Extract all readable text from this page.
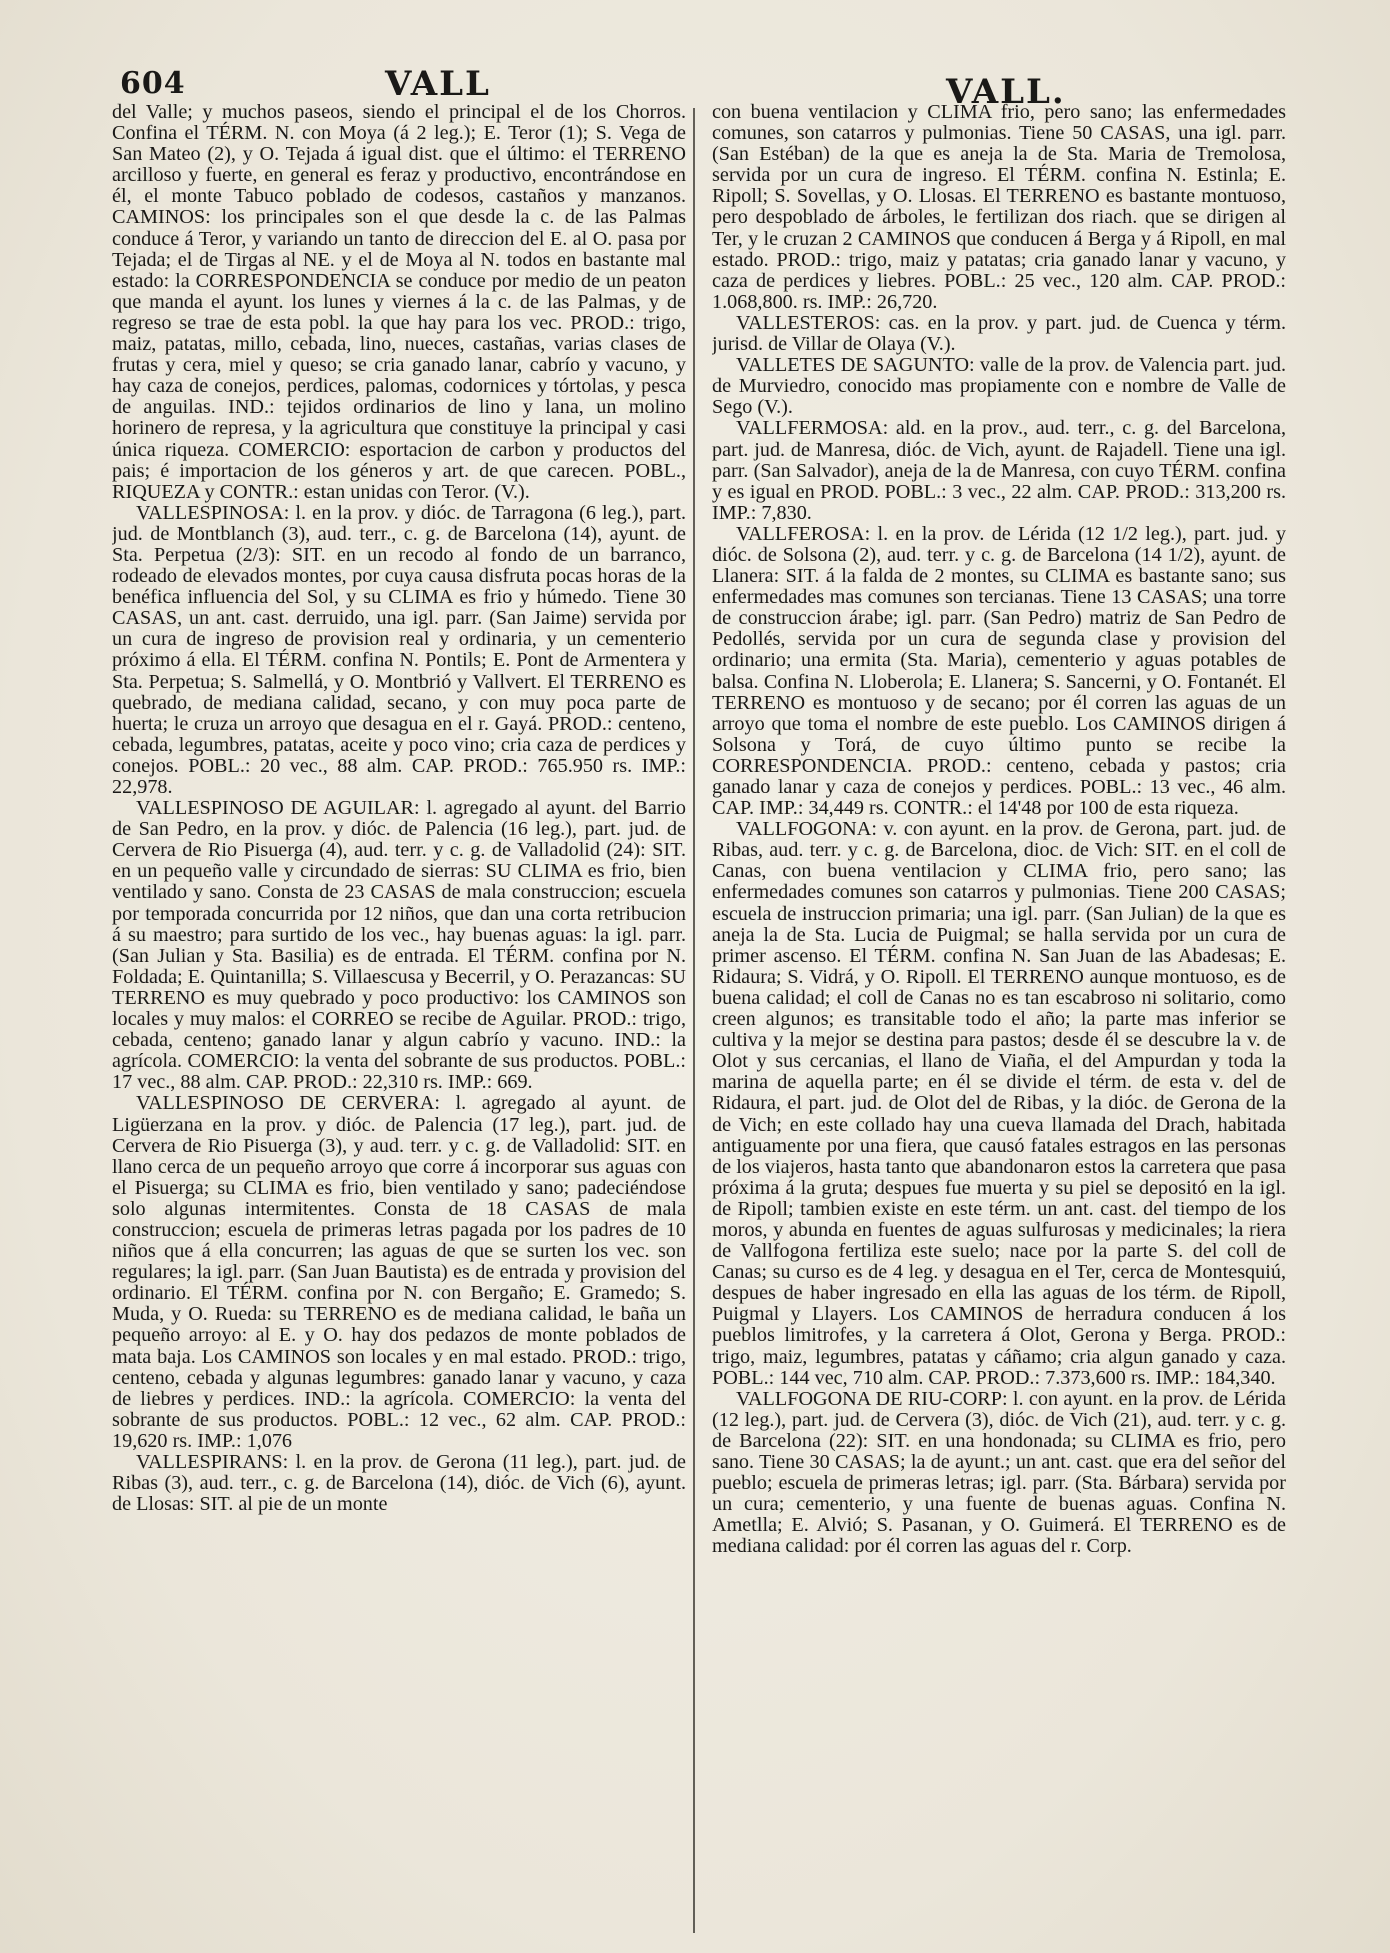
604	VALL	VALL.

del Valle; y muchos paseos, siendo el principal el de los Chorros. Confina el TÉRM. N. con Moya (á 2 leg.); E. Teror (1); S. Vega de San Mateo (2), y O. Tejada á igual dist. que el último: el TERRENO arcilloso y fuerte, en general es feraz y productivo, encontrándose en él, el monte Tabuco poblado de codesos, castaños y manzanos. CAMINOS: los principales son el que desde la c. de las Palmas conduce á Teror, y variando un tanto de direccion del E. al O. pasa por Tejada; el de Tirgas al NE. y el de Moya al N. todos en bastante mal estado: la CORRESPONDENCIA se conduce por medio de un peaton que manda el ayunt. los lunes y viernes á la c. de las Palmas, y de regreso se trae de esta pobl. la que hay para los vec. PROD.: trigo, maiz, patatas, millo, cebada, lino, nueces, castañas, varias clases de frutas y cera, miel y queso; se cria ganado lanar, cabrío y vacuno, y hay caza de conejos, perdices, palomas, codornices y tórtolas, y pesca de anguilas. IND.: tejidos ordinarios de lino y lana, un molino horinero de represa, y la agricultura que constituye la principal y casi única riqueza. COMERCIO: esportacion de carbon y productos del pais; é importacion de los géneros y art. de que carecen. POBL., RIQUEZA y CONTR.: estan unidas con Teror. (V.).

VALLESPINOSA: l. en la prov. y dióc. de Tarragona (6 leg.), part. jud. de Montblanch (3), aud. terr., c. g. de Barcelona (14), ayunt. de Sta. Perpetua (2/3): SIT. en un recodo al fondo de un barranco, rodeado de elevados montes, por cuya causa disfruta pocas horas de la benéfica influencia del Sol, y su CLIMA es frio y húmedo. Tiene 30 CASAS, un ant. cast. derruido, una igl. parr. (San Jaime) servida por un cura de ingreso de provision real y ordinaria, y un cementerio próximo á ella. El TÉRM. confina N. Pontils; E. Pont de Armentera y Sta. Perpetua; S. Salmellá, y O. Montbrió y Vallvert. El TERRENO es quebrado, de mediana calidad, secano, y con muy poca parte de huerta; le cruza un arroyo que desagua en el r. Gayá. PROD.: centeno, cebada, legumbres, patatas, aceite y poco vino; cria caza de perdices y conejos. POBL.: 20 vec., 88 alm. CAP. PROD.: 765.950 rs. IMP.: 22,978.

VALLESPINOSO DE AGUILAR: l. agregado al ayunt. del Barrio de San Pedro, en la prov. y dióc. de Palencia (16 leg.), part. jud. de Cervera de Rio Pisuerga (4), aud. terr. y c. g. de Valladolid (24): SIT. en un pequeño valle y circundado de sierras: SU CLIMA es frio, bien ventilado y sano. Consta de 23 CASAS de mala construccion; escuela por temporada concurrida por 12 niños, que dan una corta retribucion á su maestro; para surtido de los vec., hay buenas aguas: la igl. parr. (San Julian y Sta. Basilia) es de entrada. El TÉRM. confina por N. Foldada; E. Quintanilla; S. Villaescusa y Becerril, y O. Perazancas: SU TERRENO es muy quebrado y poco productivo: los CAMINOS son locales y muy malos: el CORREO se recibe de Aguilar. PROD.: trigo, cebada, centeno; ganado lanar y algun cabrío y vacuno. IND.: la agrícola. COMERCIO: la venta del sobrante de sus productos. POBL.: 17 vec., 88 alm. CAP. PROD.: 22,310 rs. IMP.: 669.

VALLESPINOSO DE CERVERA: l. agregado al ayunt. de Ligüerzana en la prov. y dióc. de Palencia (17 leg.), part. jud. de Cervera de Rio Pisuerga (3), y aud. terr. y c. g. de Valladolid: SIT. en llano cerca de un pequeño arroyo que corre á incorporar sus aguas con el Pisuerga; su CLIMA es frio, bien ventilado y sano; padeciéndose solo algunas intermitentes. Consta de 18 CASAS de mala construccion; escuela de primeras letras pagada por los padres de 10 niños que á ella concurren; las aguas de que se surten los vec. son regulares; la igl. parr. (San Juan Bautista) es de entrada y provision del ordinario. El TÉRM. confina por N. con Bergaño; E. Gramedo; S. Muda, y O. Rueda: su TERRENO es de mediana calidad, le baña un pequeño arroyo: al E. y O. hay dos pedazos de monte poblados de mata baja. Los CAMINOS son locales y en mal estado. PROD.: trigo, centeno, cebada y algunas legumbres: ganado lanar y vacuno, y caza de liebres y perdices. IND.: la agrícola. COMERCIO: la venta del sobrante de sus productos. POBL.: 12 vec., 62 alm. CAP. PROD.: 19,620 rs. IMP.: 1,076

VALLESPIRANS: l. en la prov. de Gerona (11 leg.), part. jud. de Ribas (3), aud. terr., c. g. de Barcelona (14), dióc. de Vich (6), ayunt. de Llosas: SIT. al pie de un monte

con buena ventilacion y CLIMA frio, pero sano; las enfermedades comunes, son catarros y pulmonias. Tiene 50 CASAS, una igl. parr. (San Estéban) de la que es aneja la de Sta. Maria de Tremolosa, servida por un cura de ingreso. El TÉRM. confina N. Estinla; E. Ripoll; S. Sovellas, y O. Llosas. El TERRENO es bastante montuoso, pero despoblado de árboles, le fertilizan dos riach. que se dirigen al Ter, y le cruzan 2 CAMINOS que conducen á Berga y á Ripoll, en mal estado. PROD.: trigo, maiz y patatas; cria ganado lanar y vacuno, y caza de perdices y liebres. POBL.: 25 vec., 120 alm. CAP. PROD.: 1.068,800. rs. IMP.: 26,720.

VALLESTEROS: cas. en la prov. y part. jud. de Cuenca y térm. jurisd. de Villar de Olaya (V.).

VALLETES DE SAGUNTO: valle de la prov. de Valencia part. jud. de Murviedro, conocido mas propiamente con e nombre de Valle de Sego (V.).

VALLFERMOSA: ald. en la prov., aud. terr., c. g. del Barcelona, part. jud. de Manresa, dióc. de Vich, ayunt. de Rajadell. Tiene una igl. parr. (San Salvador), aneja de la de Manresa, con cuyo TÉRM. confina y es igual en PROD. POBL.: 3 vec., 22 alm. CAP. PROD.: 313,200 rs. IMP.: 7,830.

VALLFEROSA: l. en la prov. de Lérida (12 1/2 leg.), part. jud. y dióc. de Solsona (2), aud. terr. y c. g. de Barcelona (14 1/2), ayunt. de Llanera: SIT. á la falda de 2 montes, su CLIMA es bastante sano; sus enfermedades mas comunes son tercianas. Tiene 13 CASAS; una torre de construccion árabe; igl. parr. (San Pedro) matriz de San Pedro de Pedollés, servida por un cura de segunda clase y provision del ordinario; una ermita (Sta. Maria), cementerio y aguas potables de balsa. Confina N. Lloberola; E. Llanera; S. Sancerni, y O. Fontanét. El TERRENO es montuoso y de secano; por él corren las aguas de un arroyo que toma el nombre de este pueblo. Los CAMINOS dirigen á Solsona y Torá, de cuyo último punto se recibe la CORRESPONDENCIA. PROD.: centeno, cebada y pastos; cria ganado lanar y caza de conejos y perdices. POBL.: 13 vec., 46 alm. CAP. IMP.: 34,449 rs. CONTR.: el 14'48 por 100 de esta riqueza.

VALLFOGONA: v. con ayunt. en la prov. de Gerona, part. jud. de Ribas, aud. terr. y c. g. de Barcelona, dioc. de Vich: SIT. en el coll de Canas, con buena ventilacion y CLIMA frio, pero sano; las enfermedades comunes son catarros y pulmonias. Tiene 200 CASAS; escuela de instruccion primaria; una igl. parr. (San Julian) de la que es aneja la de Sta. Lucia de Puigmal; se halla servida por un cura de primer ascenso. El TÉRM. confina N. San Juan de las Abadesas; E. Ridaura; S. Vidrá, y O. Ripoll. El TERRENO aunque montuoso, es de buena calidad; el coll de Canas no es tan escabroso ni solitario, como creen algunos; es transitable todo el año; la parte mas inferior se cultiva y la mejor se destina para pastos; desde él se descubre la v. de Olot y sus cercanias, el llano de Viaña, el del Ampurdan y toda la marina de aquella parte; en él se divide el térm. de esta v. del de Ridaura, el part. jud. de Olot del de Ribas, y la dióc. de Gerona de la de Vich; en este collado hay una cueva llamada del Drach, habitada antiguamente por una fiera, que causó fatales estragos en las personas de los viajeros, hasta tanto que abandonaron estos la carretera que pasa próxima á la gruta; despues fue muerta y su piel se depositó en la igl. de Ripoll; tambien existe en este térm. un ant. cast. del tiempo de los moros, y abunda en fuentes de aguas sulfurosas y medicinales; la riera de Vallfogona fertiliza este suelo; nace por la parte S. del coll de Canas; su curso es de 4 leg. y desagua en el Ter, cerca de Montesquiú, despues de haber ingresado en ella las aguas de los térm. de Ripoll, Puigmal y Llayers. Los CAMINOS de herradura conducen á los pueblos limitrofes, y la carretera á Olot, Gerona y Berga. PROD.: trigo, maiz, legumbres, patatas y cáñamo; cria algun ganado y caza. POBL.: 144 vec, 710 alm. CAP. PROD.: 7.373,600 rs. IMP.: 184,340.

VALLFOGONA DE RIU-CORP: l. con ayunt. en la prov. de Lérida (12 leg.), part. jud. de Cervera (3), dióc. de Vich (21), aud. terr. y c. g. de Barcelona (22): SIT. en una hondonada; su CLIMA es frio, pero sano. Tiene 30 CASAS; la de ayunt.; un ant. cast. que era del señor del pueblo; escuela de primeras letras; igl. parr. (Sta. Bárbara) servida por un cura; cementerio, y una fuente de buenas aguas. Confina N. Ametlla; E. Alvió; S. Pasanan, y O. Guimerá. El TERRENO es de mediana calidad: por él corren las aguas del r. Corp.
